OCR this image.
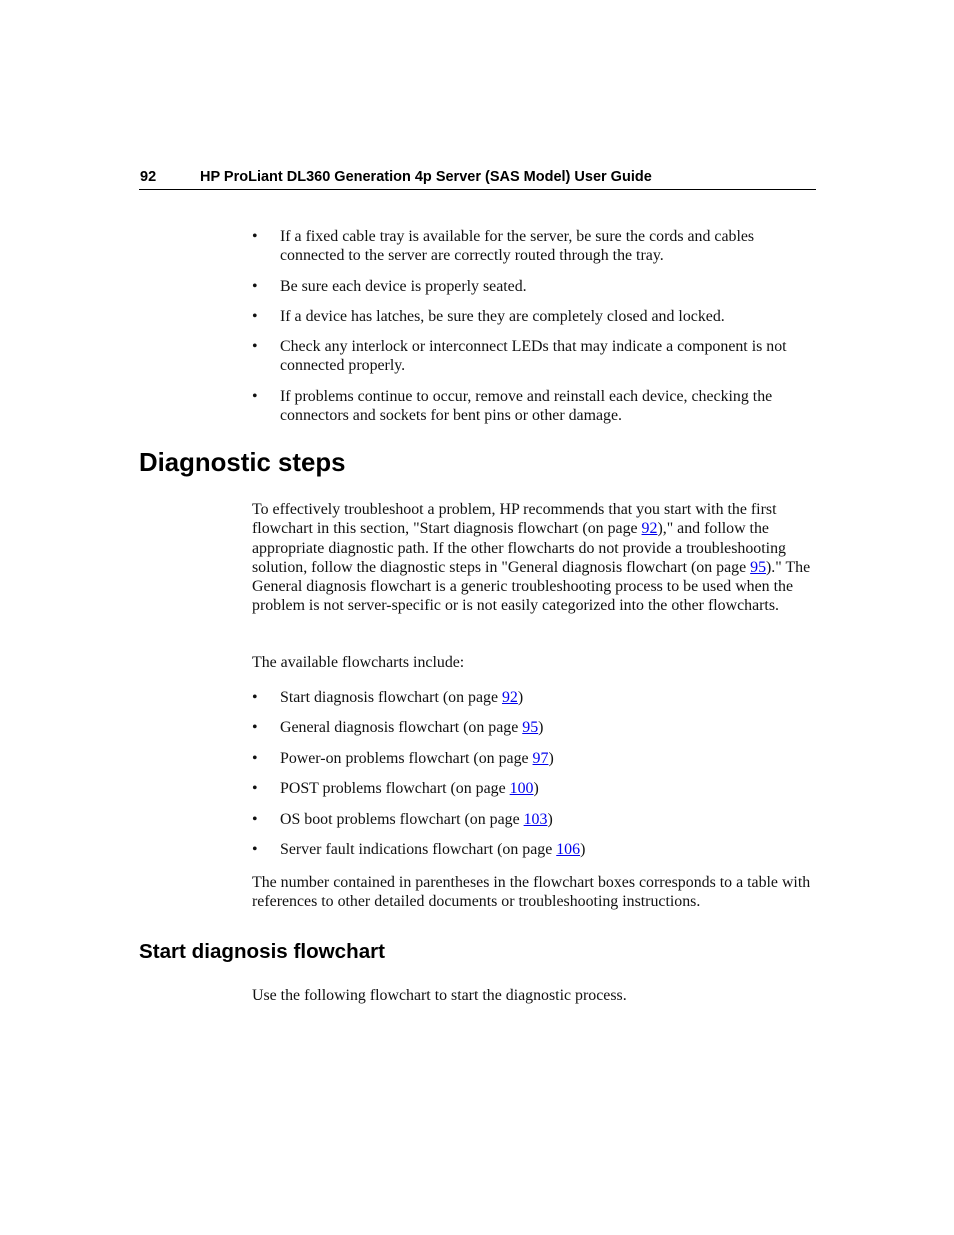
92	HP ProLiant DL360 Generation 4p Server (SAS Model) User Guide
• If a fixed cable tray is available for the server, be sure the cords and cables connected to the server are correctly routed through the tray.
• Be sure each device is properly seated.
• If a device has latches, be sure they are completely closed and locked.
• Check any interlock or interconnect LEDs that may indicate a component is not connected properly.
• If problems continue to occur, remove and reinstall each device, checking the connectors and sockets for bent pins or other damage.
Diagnostic steps

To effectively troubleshoot a problem, HP recommends that you start with the first flowchart in this section, "Start diagnosis flowchart (on page 92)," and follow the appropriate diagnostic path. If the other flowcharts do not provide a troubleshooting solution, follow the diagnostic steps in "General diagnosis flowchart (on page 95)." The General diagnosis flowchart is a generic troubleshooting process to be used when the problem is not server-specific or is not easily categorized into the other flowcharts.

The available flowcharts include:

• Start diagnosis flowchart (on page 92)
• General diagnosis flowchart (on page 95)
• Power-on problems flowchart (on page 97)
• POST problems flowchart (on page 100)
• OS boot problems flowchart (on page 103)
• Server fault indications flowchart (on page 106)

The number contained in parentheses in the flowchart boxes corresponds to a table with references to other detailed documents or troubleshooting instructions.

Start diagnosis flowchart

Use the following flowchart to start the diagnostic process.
